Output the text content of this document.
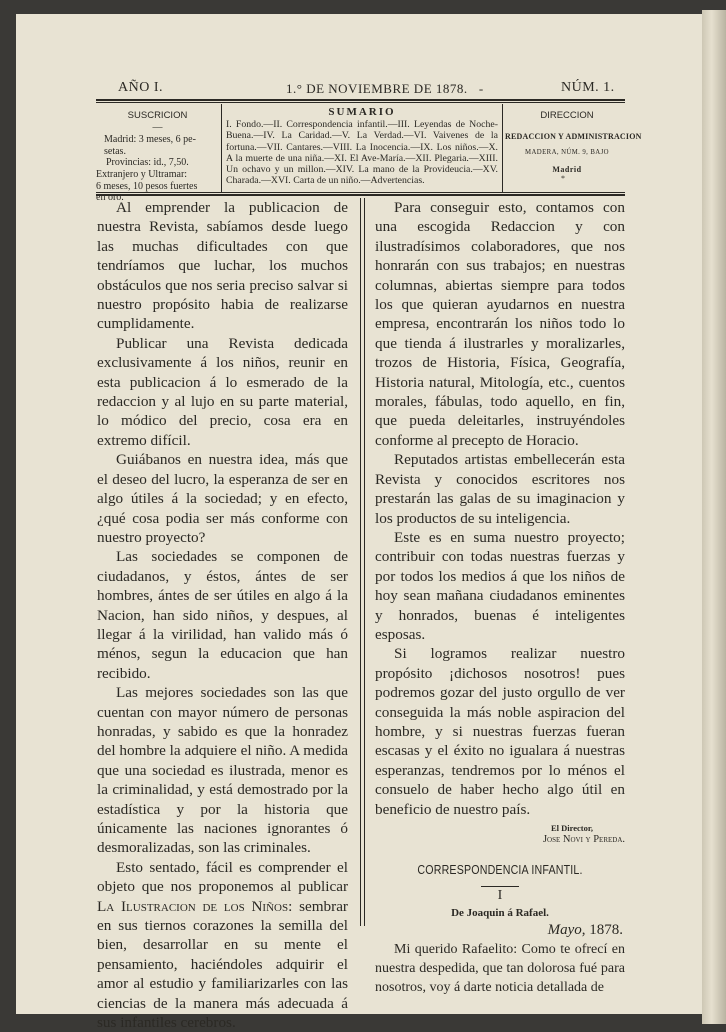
AÑO I.	1.° DE NOVIEMBRE DE 1878.   -	NÚM. 1.
SUSCRICION
—
Madrid: 3 meses, 6 pe-
setas.
Provincias: id., 7,50.
Extranjero y Ultramar:
6 meses, 10 pesos fuertes
en oro.
SUMARIO
I. Fondo.—II. Correspondencia infantil.—III. Leyendas de Noche-Buena.—IV. La Caridad.—V. La Verdad.—VI. Vaivenes de la fortuna.—VII. Cantares.—VIII. La Inocencia.—IX. Los niños.—X. A la muerte de una niña.—XI. El Ave-María.—XII. Plegaria.—XIII. Un ochavo y un millon.—XIV. La mano de la Provideucia.—XV. Charada.—XVI. Carta de un niño.—Advertencias.
DIRECCION
REDACCION Y ADMINISTRACION
MADERA, NÚM. 9, BAJO
Madrid
*

Al emprender la publicacion de nuestra Revista, sabíamos desde luego las muchas dificultades con que tendríamos que luchar, los muchos obstáculos que nos seria preciso salvar si nuestro propósito habia de realizarse cumplidamente.

Publicar una Revista dedicada exclusivamente á los niños, reunir en esta publicacion á lo esmerado de la redaccion y al lujo en su parte material, lo módico del precio, cosa era en extremo difícil.

Guiábanos en nuestra idea, más que el deseo del lucro, la esperanza de ser en algo útiles á la sociedad; y en efecto, ¿qué cosa podia ser más conforme con nuestro proyecto?

Las sociedades se componen de ciudadanos, y éstos, ántes de ser hombres, ántes de ser útiles en algo á la Nacion, han sido niños, y despues, al llegar á la virilidad, han valido más ó ménos, segun la educacion que han recibido.

Las mejores sociedades son las que cuentan con mayor número de personas honradas, y sabido es que la honradez del hombre la adquiere el niño. A medida que una sociedad es ilustrada, menor es la criminalidad, y está demostrado por la estadística y por la historia que únicamente las naciones ignorantes ó desmoralizadas, son las criminales.

Esto sentado, fácil es comprender el objeto que nos proponemos al publicar La Ilustracion de los Niños: sembrar en sus tiernos corazones la semilla del bien, desarrollar en su mente el pensamiento, haciéndoles adquirir el amor al estudio y familiarizarles con las ciencias de la manera más adecuada á sus infantiles cerebros.

Para conseguir esto, contamos con una escogida Redaccion y con ilustradísimos colaboradores, que nos honrarán con sus trabajos; en nuestras columnas, abiertas siempre para todos los que quieran ayudarnos en nuestra empresa, encontrarán los niños todo lo que tienda á ilustrarles y moralizarles, trozos de Historia, Física, Geografía, Historia natural, Mitología, etc., cuentos morales, fábulas, todo aquello, en fin, que pueda deleitarles, instruyéndoles conforme al precepto de Horacio.

Reputados artistas embellecerán esta Revista y conocidos escritores nos prestarán las galas de su imaginacion y los productos de su inteligencia.

Este es en suma nuestro proyecto; contribuir con todas nuestras fuerzas y por todos los medios á que los niños de hoy sean mañana ciudadanos eminentes y honrados, buenas é inteligentes esposas.

Si logramos realizar nuestro propósito ¡dichosos nosotros! pues podremos gozar del justo orgullo de ver conseguida la más noble aspiracion del hombre, y si nuestras fuerzas fueran escasas y el éxito no igualara á nuestras esperanzas, tendremos por lo ménos el consuelo de haber hecho algo útil en beneficio de nuestro país.

El Director,
Jose Novi y Pereda.
CORRESPONDENCIA INFANTIL.
I
De Joaquin á Rafael.
Mayo, 1878.

Mi querido Rafaelito: Como te ofrecí en nuestra despedida, que tan dolorosa fué para nosotros, voy á darte noticia detallada de
